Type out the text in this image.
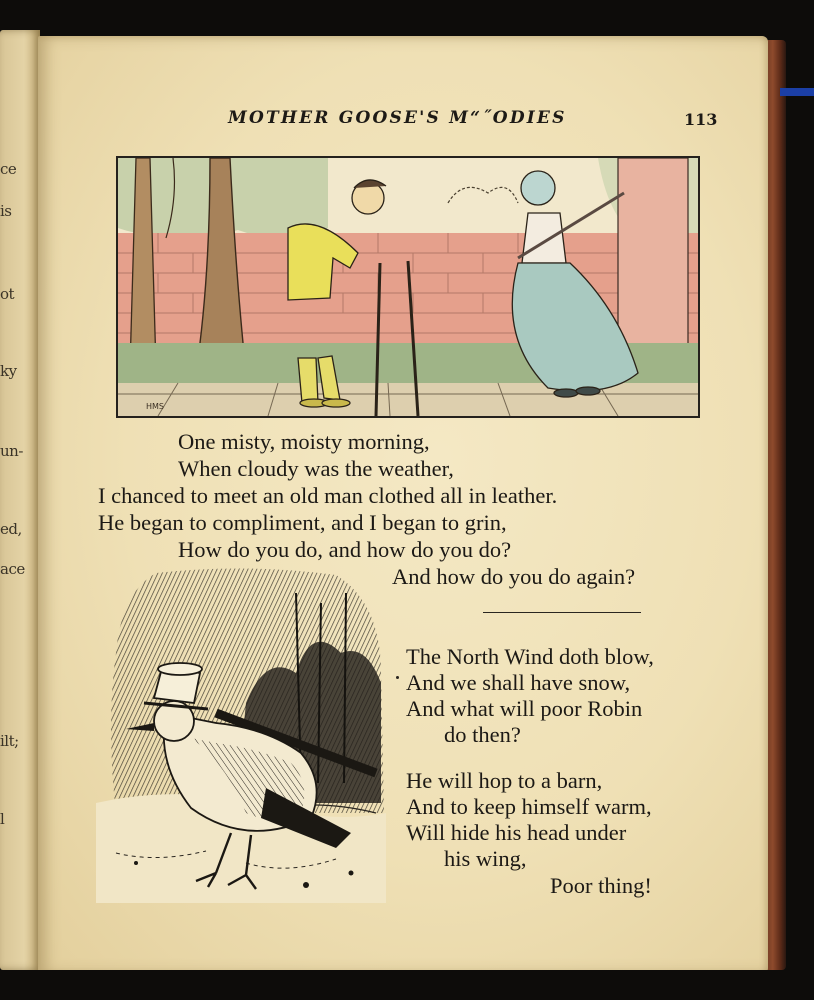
ce
is
ot
ky
un-
ed,
ace
ilt;
l
MOTHER GOOSE'S M“˝ODIES	113
HMS
One misty, moisty morning,
When cloudy was the weather,
I chanced to meet an old man clothed all in leather.
He began to compliment, and I began to grin,
How do you do, and how do you do?
And how do you do again?
The North Wind doth blow,
And we shall have snow,
And what will poor Robin
do then?
He will hop to a barn,
And to keep himself warm,
Will hide his head under
his wing,
Poor thing!
